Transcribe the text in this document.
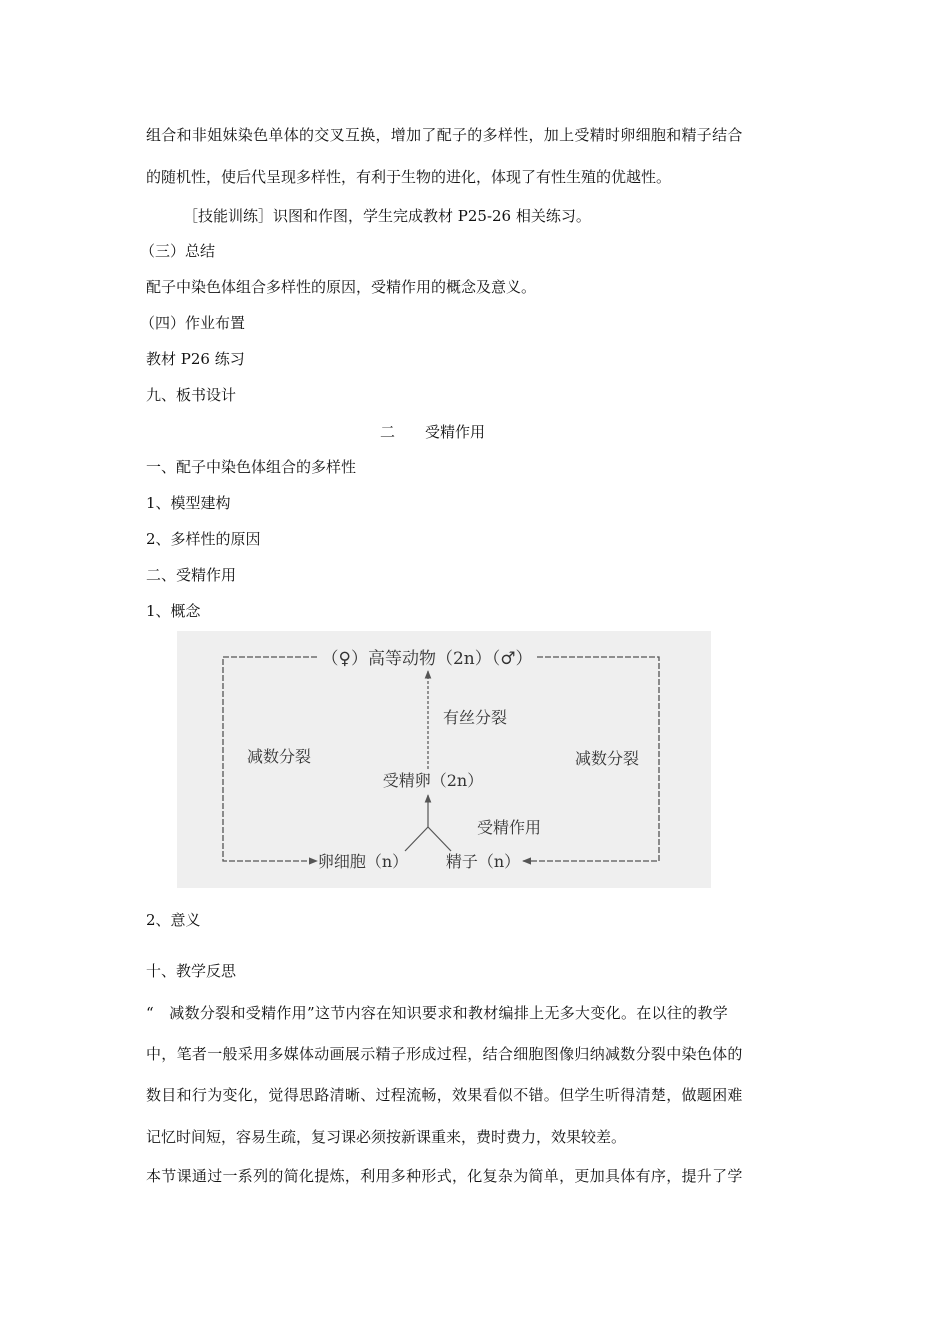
组合和非姐妹染色单体的交叉互换，增加了配子的多样性，加上受精时卵细胞和精子结合
的随机性，使后代呈现多样性，有利于生物的进化，体现了有性生殖的优越性。
［技能训练］识图和作图，学生完成教材 P25-26 相关练习。
（三）总结
配子中染色体组合多样性的原因，受精作用的概念及意义。
（四）作业布置
教材 P26 练习
九、板书设计
二 受精作用
一、配子中染色体组合的多样性
1、模型建构
2、多样性的原因
二、受精作用
1、概念
（♀）高等动物（2n）（♂）
有丝分裂
减数分裂	减数分裂
受精卵（2n）
受精作用
卵细胞（n） 精子（n）
2、意义
十、教学反思
“　减数分裂和受精作用”这节内容在知识要求和教材编排上无多大变化。在以往的教学
中，笔者一般采用多媒体动画展示精子形成过程，结合细胞图像归纳减数分裂中染色体的
数目和行为变化，觉得思路清晰、过程流畅，效果看似不错。但学生听得清楚，做题困难
记忆时间短，容易生疏，复习课必须按新课重来，费时费力，效果较差。
本节课通过一系列的简化提炼，利用多种形式，化复杂为简单，更加具体有序，提升了学
